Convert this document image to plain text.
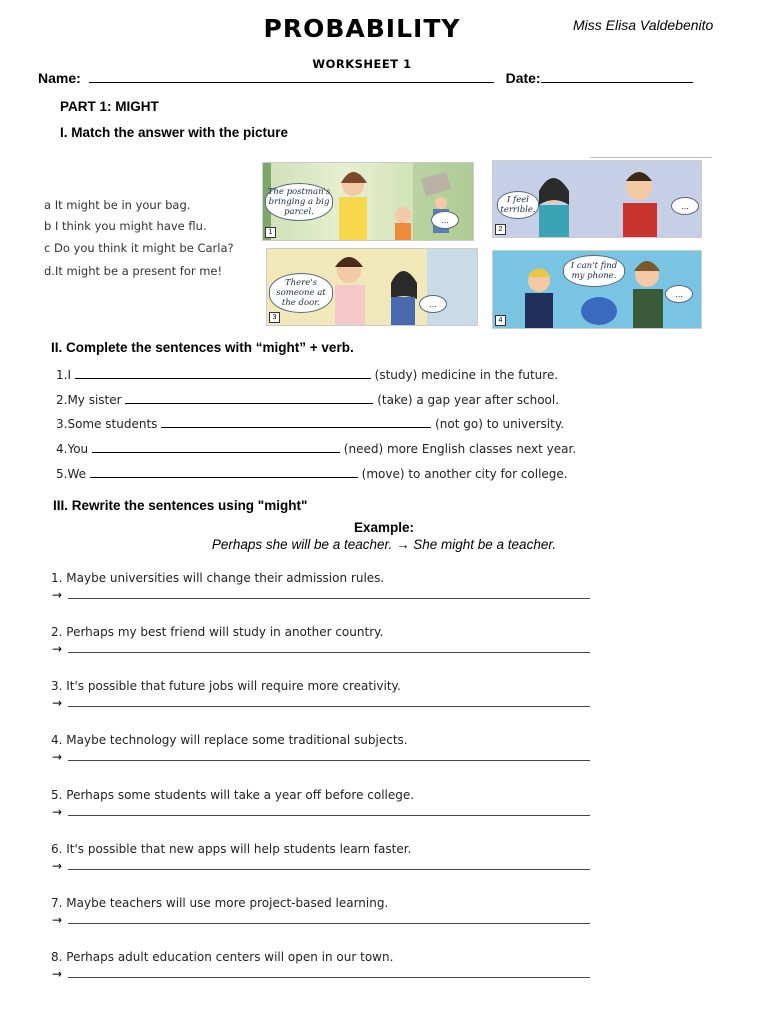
PROBABILITY	Miss Elisa Valdebenito
WORKSHEET 1
Name:	Date:
PART 1: MIGHT
I. Match the answer with the picture
a It might be in your bag.
b I think you might have flu.
c Do you think it might be Carla?
d.It might be a present for me!
The postman's bringing a big parcel.
...
1
I feel terrible.	...
2
There's someone at the door.	...
3
I can't find my phone.
...
4
II. Complete the sentences with “might” + verb.
1.I	(study) medicine in the future.
2.My sister	(take) a gap year after school.
3.Some students	(not go) to university.
4.You	(need) more English classes next year.
5.We	(move) to another city for college.
III. Rewrite the sentences using "might"
Example:
Perhaps she will be a teacher. → She might be a teacher.
1. Maybe universities will change their admission rules.
→
2. Perhaps my best friend will study in another country.
→
3. It's possible that future jobs will require more creativity.
→
4. Maybe technology will replace some traditional subjects.
→
5. Perhaps some students will take a year off before college.
→
6. It's possible that new apps will help students learn faster.
→
7. Maybe teachers will use more project-based learning.
→
8. Perhaps adult education centers will open in our town.
→
